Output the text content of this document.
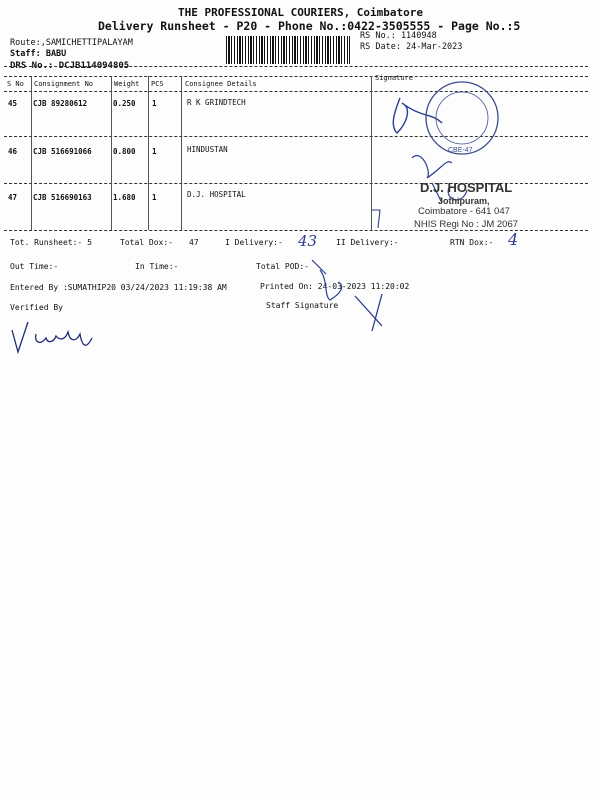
THE PROFESSIONAL COURIERS, Coimbatore
Delivery Runsheet - P20 - Phone No.:0422-3505555 - Page No.:5
Route:,SAMICHETTIPALAYAM
Staff: BABU
DRS No.: DCJB114094805
RS No.: 1140948
RS Date: 24-Mar-2023
S No Consignment No	Weight PCS	Consignee Details
Signature
45 CJB 89280612	0.250 1	R K GRINDTECH
46 CJB 516691066	0.800 1	HINDUSTAN
47 CJB 516690163	1.680 1	D.J. HOSPITAL
CBE-47
D.J. HOSPITAL
Jothipuram,
Coimbatore - 641 047
NHIS Regi No : JM 2067
Tot. Runsheet:- 5	Total Dox:- 47	I Delivery:- 43 II Delivery:-	RTN Dox:- 4
Out Time:-	In Time:-	Total POD:-
Entered By :SUMATHIP20 03/24/2023 11:19:38 AM	Printed On: 24-03-2023 11:20:02
Verified By	Staff Signature
